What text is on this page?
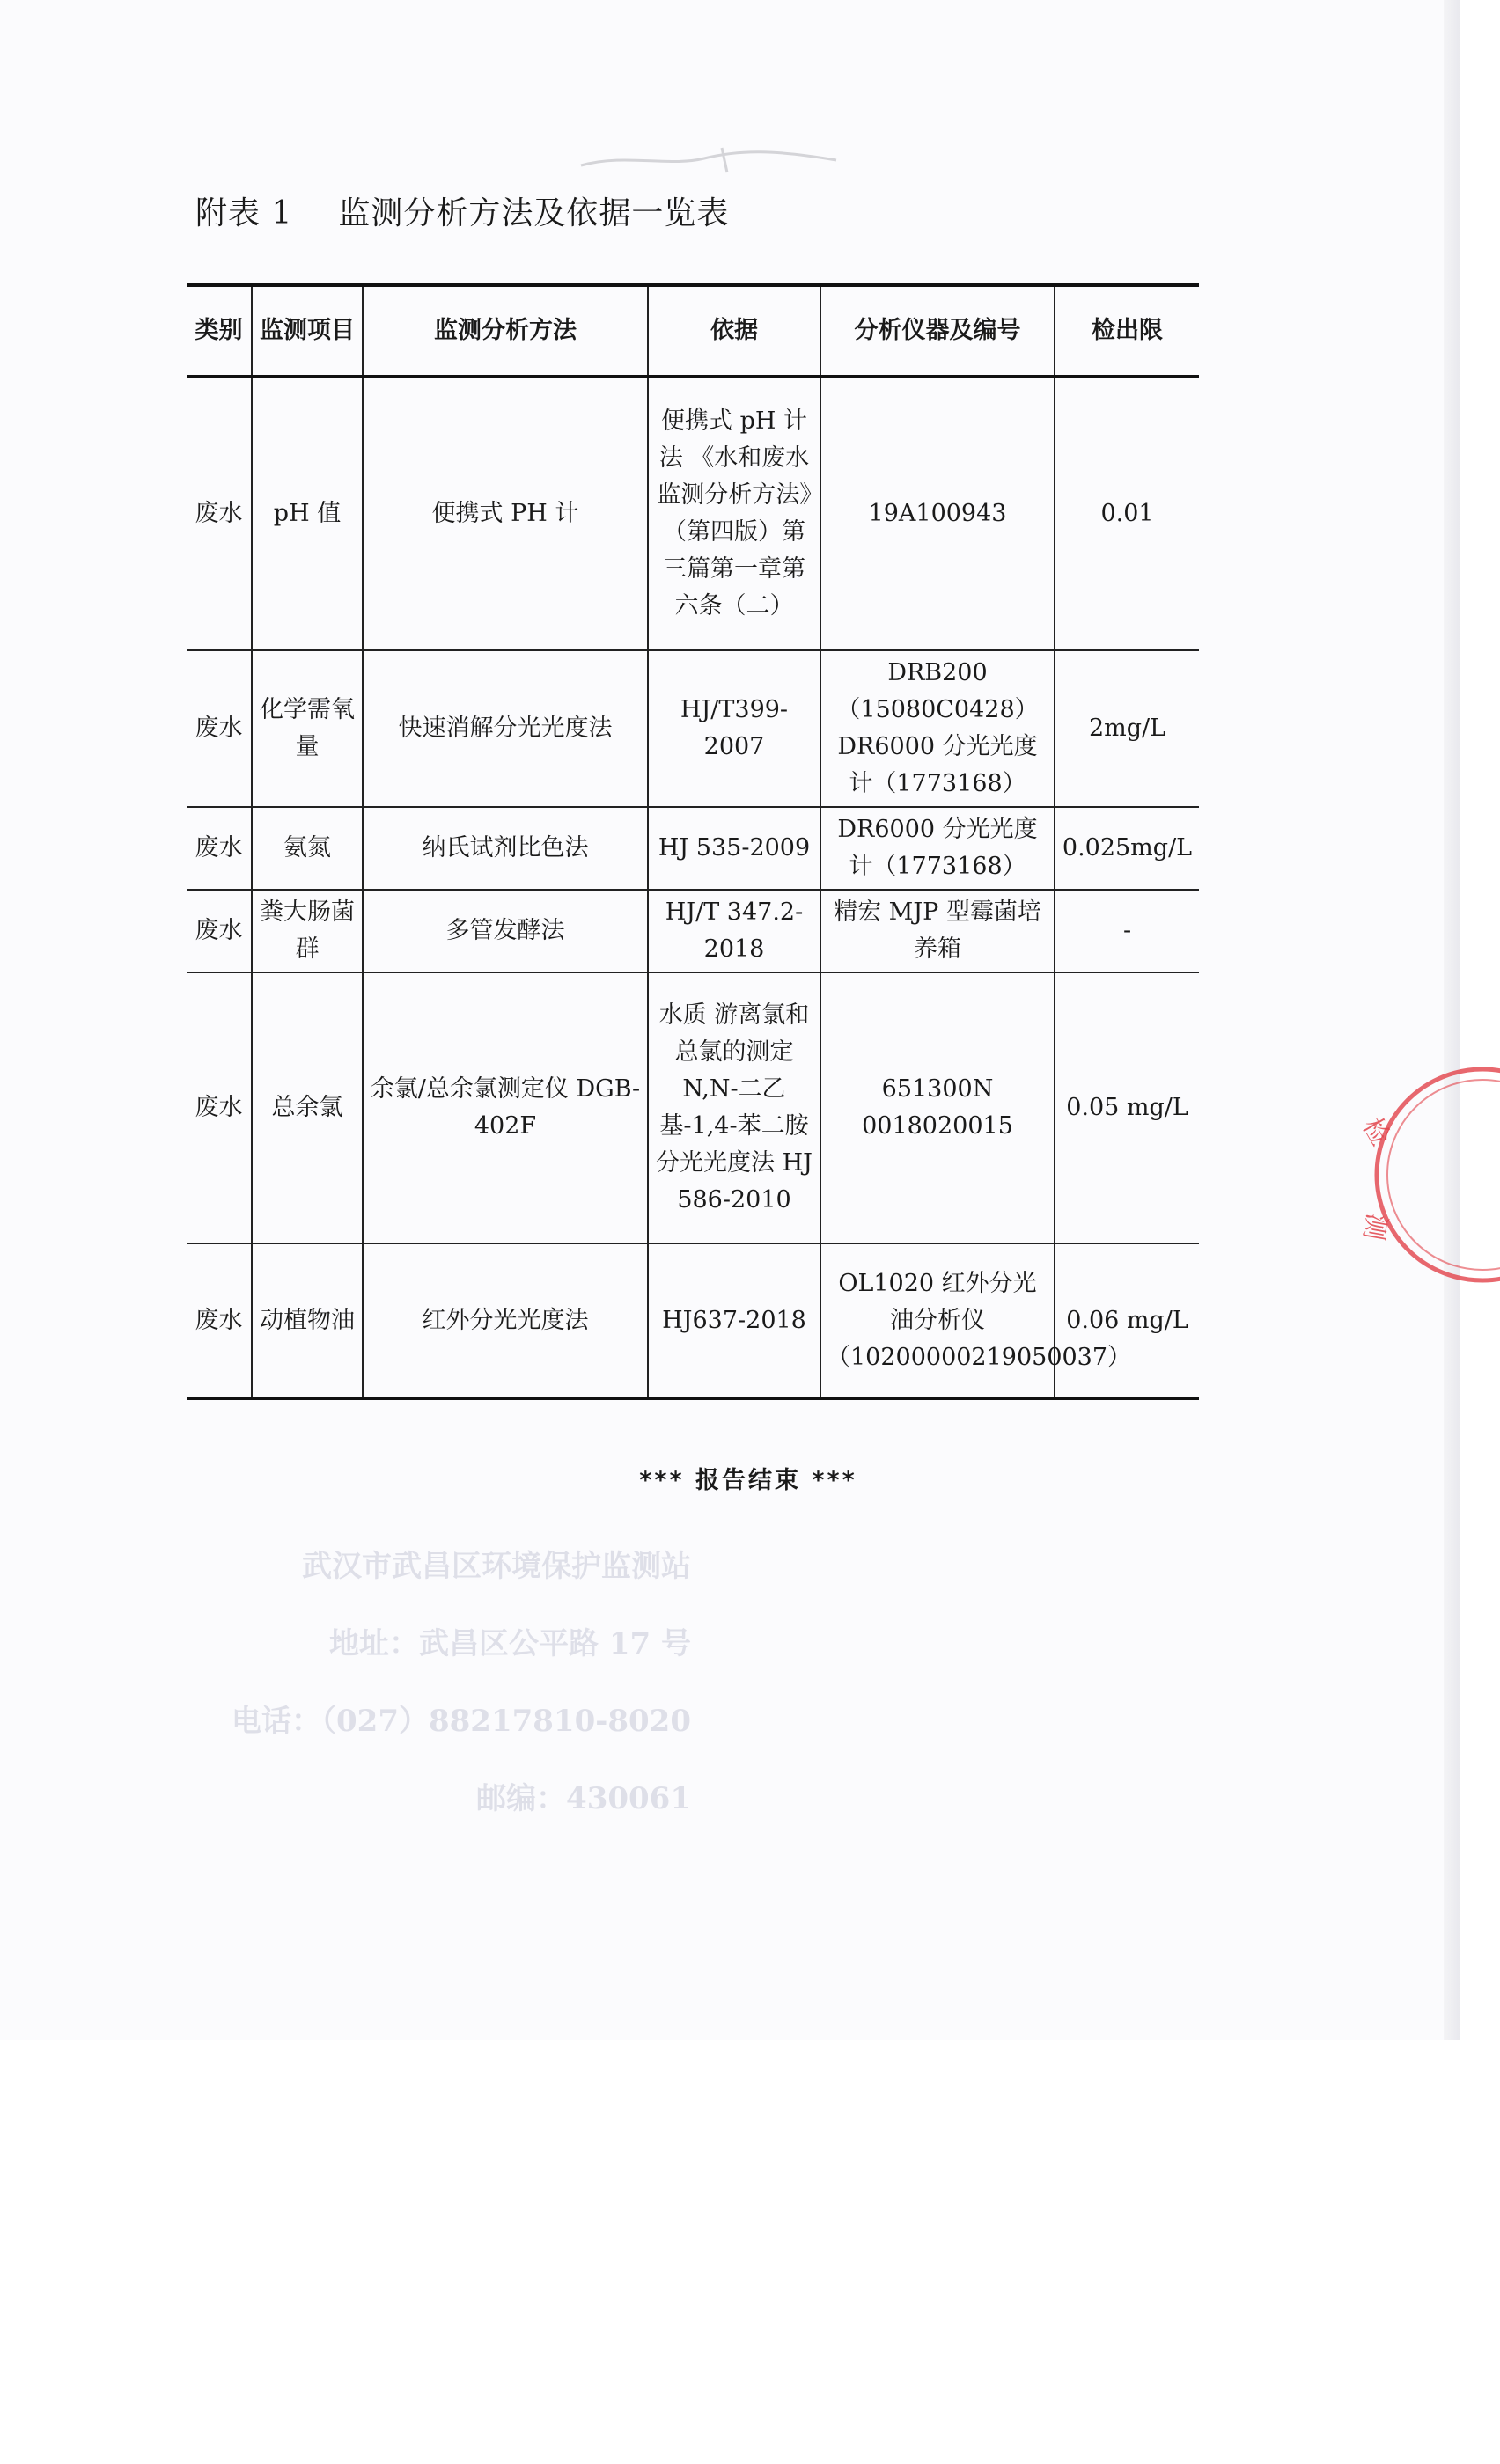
附表 1 监测分析方法及依据一览表
类别	监测项目	监测分析方法	依据	分析仪器及编号	检出限
废水	pH 值	便携式 PH 计	便携式 pH 计法 《水和废水监测分析方法》（第四版）第三篇第一章第六条（二）	19A100943	0.01
废水	化学需氧量	快速消解分光光度法	HJ/T399-2007	DRB200（15080C0428）DR6000 分光光度计（1773168）	2mg/L
废水	氨氮	纳氏试剂比色法	HJ 535-2009	DR6000 分光光度计（1773168）	0.025mg/L
废水	粪大肠菌群	多管发酵法	HJ/T 347.2-2018	精宏 MJP 型霉菌培养箱	-
废水	总余氯	余氯/总余氯测定仪 DGB-402F	水质 游离氯和总氯的测定 N,N-二乙基-1,4-苯二胺分光光度法 HJ 586-2010	651300N 0018020015	0.05 mg/L
废水	动植物油	红外分光光度法	HJ637-2018	OL1020 红外分光油分析仪（10200000219050037）	0.06 mg/L
*** 报告结束 ***
武汉市武昌区环境保护监测站
地址：武昌区公平路 17 号
电话：（027）88217810-8020
邮编：430061
检
测
